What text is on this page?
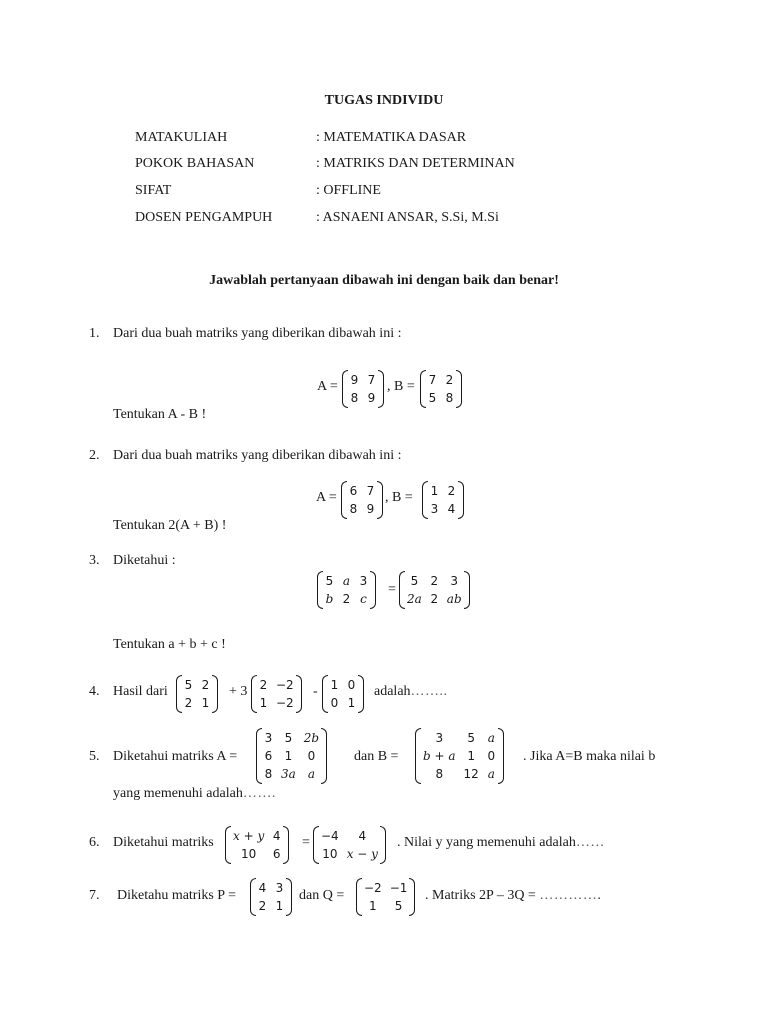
TUGAS INDIVIDU
MATAKULIAH	: MATEMATIKA DASAR
POKOK BAHASAN	: MATRIKS DAN DETERMINAN
SIFAT	: OFFLINE
DOSEN PENGAMPUH	: ASNAENI ANSAR, S.Si, M.Si
Jawablah pertanyaan dibawah ini dengan baik dan benar!
1. Dari dua buah matriks yang diberikan dibawah ini :
A = 9 7
8 9
, B = 7 2
5 8
Tentukan A - B !
2. Dari dua buah matriks yang diberikan dibawah ini :
A = 6 7
8 9
, B = 1 2
3 4
Tentukan 2(A + B) !
3. Diketahui :
5 a 3
b 2 c
=
5 2 3
2a 2 ab
Tentukan a + b + c !
4. Hasil dari 5 2
2 1
+ 3 2 −2
1 −2
- 1 0
0 1
adalah……..
5. Diketahui matriks A =
3 5 2b
6 1	0
8 3a	a
dan B =
3	5	a
b + a 1	0
8	12 a
. Jika A=B maka nilai b
yang memenuhi adalah…….
6. Diketahui matriks x + y 4
10	6
= −4	4
10 x − y
. Nilai y yang memenuhi adalah……
7. Diketahu matriks P = 4 3
2 1
dan Q = −2 −1
1	5
. Matriks 2P – 3Q = ………….
